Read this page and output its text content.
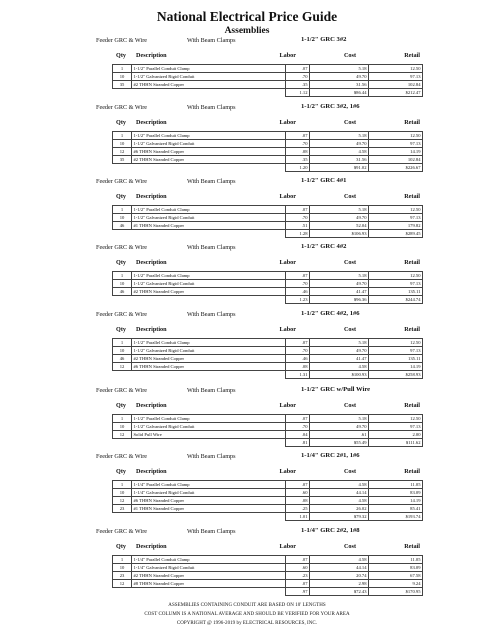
National Electrical Price Guide
Assemblies
Feeder GRC & Wire	With Beam Clamps	1-1/2" GRC 3#2
Qty Description	Labor	Cost	Retail
1	1-1/2" Parallel Conduit Clamp	.07	5.18	12.50
10	1-1/2" Galvanized Rigid Conduit	.70	49.70	97.13
35	#2 THHN Stranded Copper	.35	31.56	102.84
		1.12	$86.44	$212.47
Feeder GRC & Wire	With Beam Clamps	1-1/2" GRC 3#2, 1#6
Qty Description	Labor	Cost	Retail
1	1-1/2" Parallel Conduit Clamp	.07	5.18	12.50
10	1-1/2" Galvanized Rigid Conduit	.70	49.70	97.13
12	#6 THHN Stranded Copper	.08	4.58	14.19
35	#2 THHN Stranded Copper	.35	31.56	102.84
		1.20	$91.02	$226.67
Feeder GRC & Wire	With Beam Clamps	1-1/2" GRC 4#1
Qty Description	Labor	Cost	Retail
1	1-1/2" Parallel Conduit Clamp	.07	5.18	12.50
10	1-1/2" Galvanized Rigid Conduit	.70	49.70	97.13
46	#1 THHN Stranded Copper	.51	52.04	179.82
		1.28	$106.93	$289.45
Feeder GRC & Wire	With Beam Clamps	1-1/2" GRC 4#2
Qty Description	Labor	Cost	Retail
1	1-1/2" Parallel Conduit Clamp	.07	5.18	12.50
10	1-1/2" Galvanized Rigid Conduit	.70	49.70	97.13
46	#2 THHN Stranded Copper	.46	41.47	135.11
		1.23	$96.36	$244.74
Feeder GRC & Wire	With Beam Clamps	1-1/2" GRC 4#2, 1#6
Qty Description	Labor	Cost	Retail
1	1-1/2" Parallel Conduit Clamp	.07	5.18	12.50
10	1-1/2" Galvanized Rigid Conduit	.70	49.70	97.13
46	#2 THHN Stranded Copper	.46	41.47	135.11
12	#6 THHN Stranded Copper	.08	4.58	14.19
		1.31	$100.93	$258.93
Feeder GRC & Wire	With Beam Clamps	1-1/2" GRC w/Pull Wire
Qty Description	Labor	Cost	Retail
1	1-1/2" Parallel Conduit Clamp	.07	5.18	12.50
10	1-1/2" Galvanized Rigid Conduit	.70	49.70	97.13
12	Solid Pull Wire	.04	.61	2.00
		.81	$55.49	$111.62
Feeder GRC & Wire	With Beam Clamps	1-1/4" GRC 2#1, 1#6
Qty Description	Labor	Cost	Retail
1	1-1/4" Parallel Conduit Clamp	.07	4.58	11.05
10	1-1/4" Galvanized Rigid Conduit	.60	44.14	83.09
12	#6 THHN Stranded Copper	.08	4.58	14.19
23	#1 THHN Stranded Copper	.25	26.02	85.41
		1.01	$79.32	$193.74
Feeder GRC & Wire	With Beam Clamps	1-1/4" GRC 2#2, 1#8
Qty Description	Labor	Cost	Retail
1	1-1/4" Parallel Conduit Clamp	.07	4.58	11.05
10	1-1/4" Galvanized Rigid Conduit	.60	44.14	83.09
23	#2 THHN Stranded Copper	.23	20.74	67.58
12	#8 THHN Stranded Copper	.07	2.98	9.24
		.97	$72.43	$170.95
ASSEMBLIES CONTAINING CONDUIT ARE BASED ON 10' LENGTHS
COST COLUMN IS A NATIONAL AVERAGE AND SHOULD BE VERIFIED FOR YOUR AREA
COPYRIGHT @ 1996-2019 by ELECTRICAL RESOURCES, INC.
